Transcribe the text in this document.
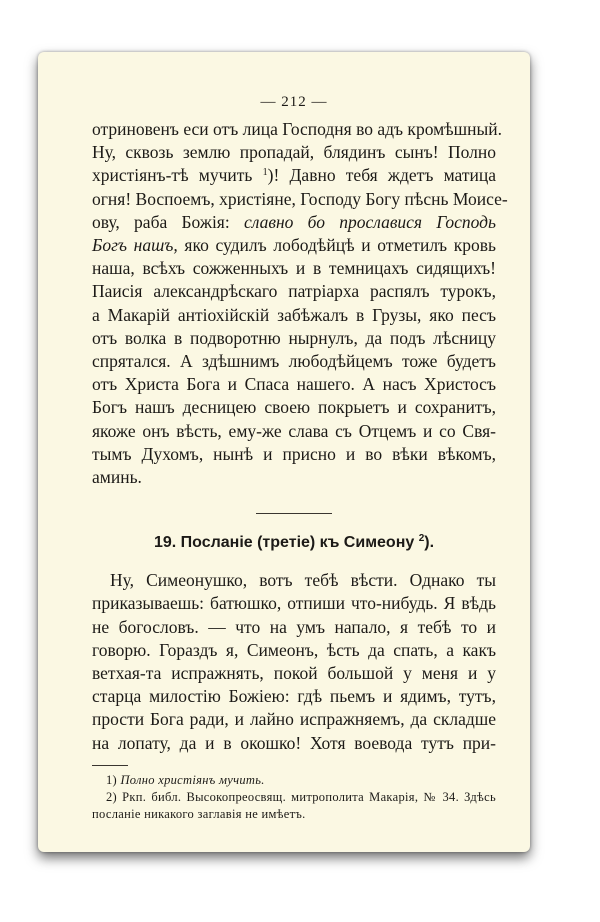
— 212 —
отриновенъ еси отъ лица Господня во адъ кромѣшный.
Ну, сквозь землю пропадай, блядинъ сынъ! Полно
христіянъ-тѣ мучить $^1$)! Давно тебя ждетъ матица
огня! Воспоемъ, христіяне, Господу Богу пѣснь Моисе-
ову, раба Божія: славно бо прославися Господь
Богъ нашъ, яко судилъ лободѣйцѣ и отметилъ кровь
наша, всѣхъ сожженныхъ и в темницахъ сидящихъ!
Паисія александрѣскаго патріарха распялъ турокъ,
а Макарій антіохійскій забѣжалъ в Грузы, яко песъ
отъ волка в подворотню нырнулъ, да подъ лѣсницу
спрятался. А здѣшнимъ любодѣйцемъ тоже будетъ
отъ Христа Бога и Спаса нашего. А насъ Христосъ
Богъ нашъ десницею своею покрыетъ и сохранитъ,
якоже онъ вѣсть, ему-же слава съ Отцемъ и со Свя-
тымъ Духомъ, нынѣ и присно и во вѣки вѣкомъ,
аминь.
19. Посланіе (третіе) къ Симеону $^2$).
Ну, Симеонушко, вотъ тебѣ вѣсти. Однако ты
приказываешь: батюшко, отпиши что-нибудь. Я вѣдь
не богословъ. — что на умъ напало, я тебѣ то и
говорю. Гораздъ я, Симеонъ, ѣсть да спать, а какъ
ветхая-та испражнять, покой большой у меня и у
старца милостію Божіею: гдѣ пьемъ и ядимъ, тутъ,
прости Бога ради, и лайно испражняемъ, да складше
на лопату, да и в окошко! Хотя воевода тутъ при-
1) Полно христіянъ мучить.
2) Ркп. библ. Высокопреосвящ. митрополита Макарія, № 34. Здѣсь
посланіе никакого заглавія не имѣетъ.
